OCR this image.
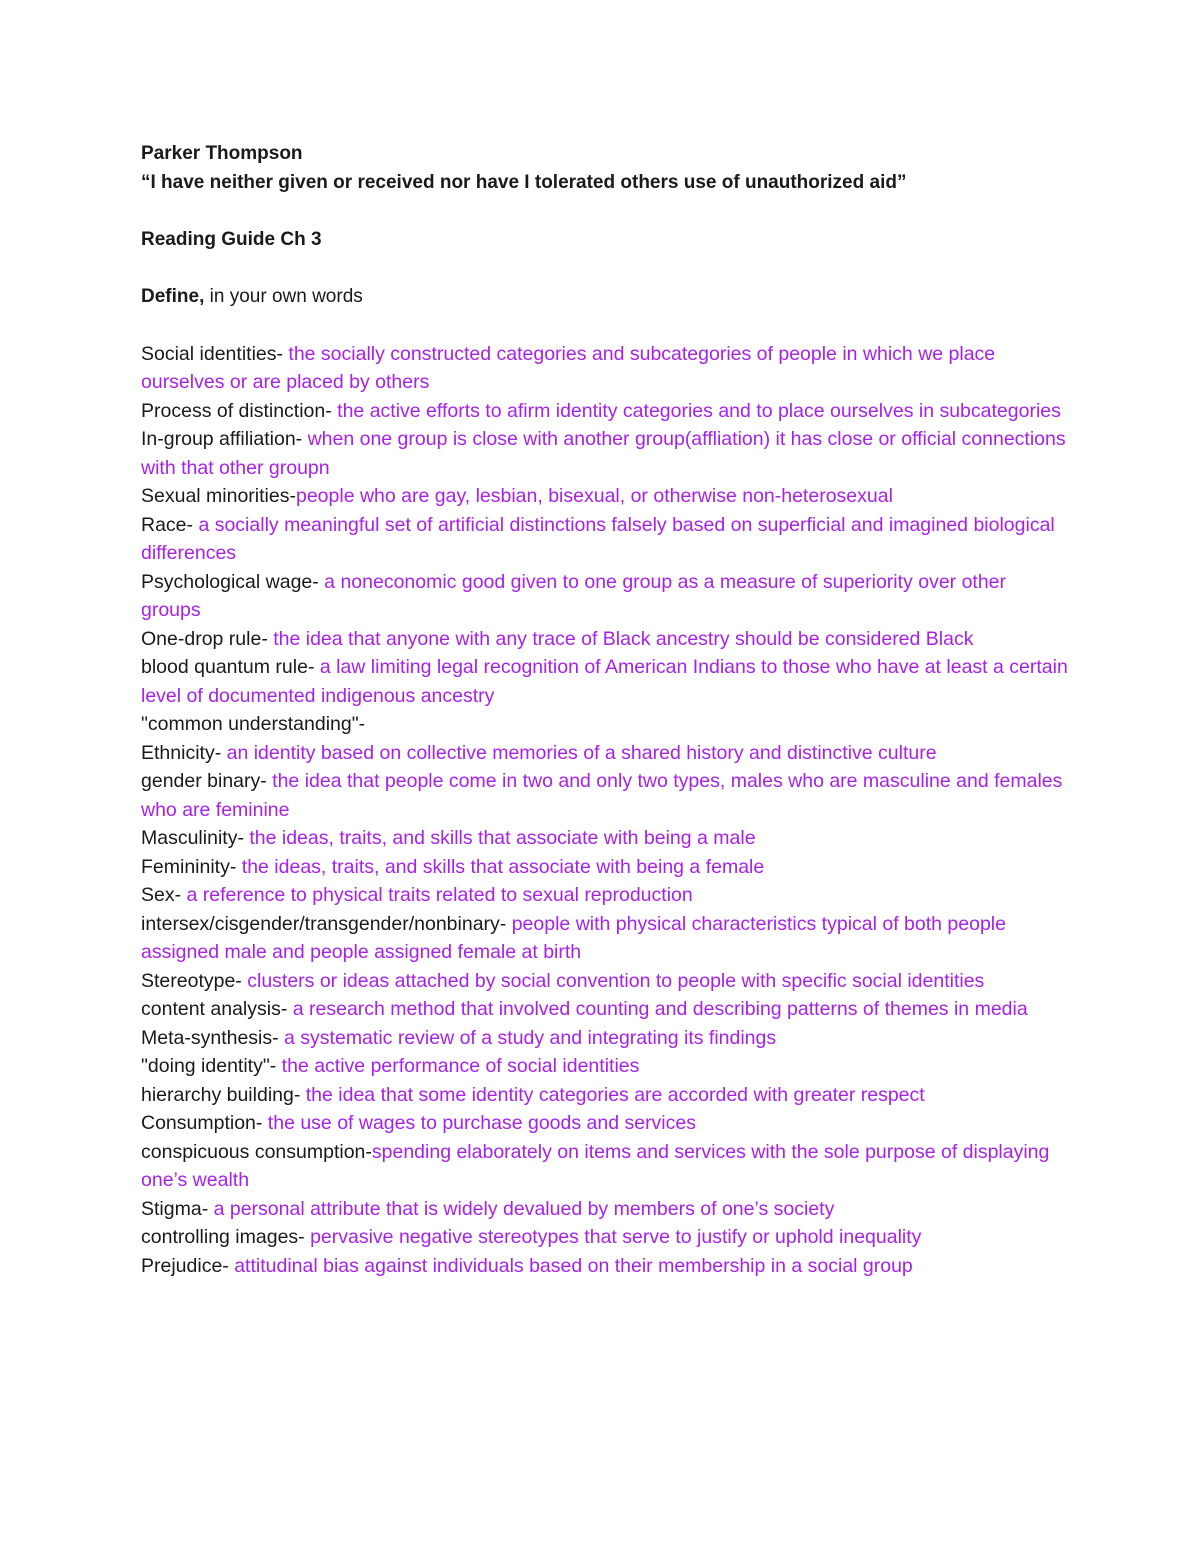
Parker Thompson

“I have neither given or received nor have I tolerated others use of unauthorized aid”

Reading Guide Ch 3

Define, in your own words

Social identities- the socially constructed categories and subcategories of people in which we place ourselves or are placed by others
Process of distinction- the active efforts to afirm identity categories and to place ourselves in subcategories
In-group affiliation- when one group is close with another group(affliation) it has close or official connections with that other groupn
Sexual minorities-people who are gay, lesbian, bisexual, or otherwise non-heterosexual
Race- a socially meaningful set of artificial distinctions falsely based on superficial and imagined biological differences
Psychological wage- a noneconomic good given to one group as a measure of superiority over other groups
One-drop rule- the idea that anyone with any trace of Black ancestry should be considered Black
blood quantum rule- a law limiting legal recognition of American Indians to those who have at least a certain level of documented indigenous ancestry
"common understanding"-
Ethnicity- an identity based on collective memories of a shared history and distinctive culture
gender binary- the idea that people come in two and only two types, males who are masculine and females who are feminine
Masculinity- the ideas, traits, and skills that associate with being a male
Femininity- the ideas, traits, and skills that associate with being a female
Sex- a reference to physical traits related to sexual reproduction
intersex/cisgender/transgender/nonbinary- people with physical characteristics typical of both people assigned male and people assigned female at birth
Stereotype- clusters or ideas attached by social convention to people with specific social identities
content analysis- a research method that involved counting and describing patterns of themes in media
Meta-synthesis- a systematic review of a study and integrating its findings
"doing identity"- the active performance of social identities
hierarchy building- the idea that some identity categories are accorded with greater respect
Consumption- the use of wages to purchase goods and services
conspicuous consumption-spending elaborately on items and services with the sole purpose of displaying one’s wealth
Stigma- a personal attribute that is widely devalued by members of one’s society
controlling images- pervasive negative stereotypes that serve to justify or uphold inequality
Prejudice- attitudinal bias against individuals based on their membership in a social group
